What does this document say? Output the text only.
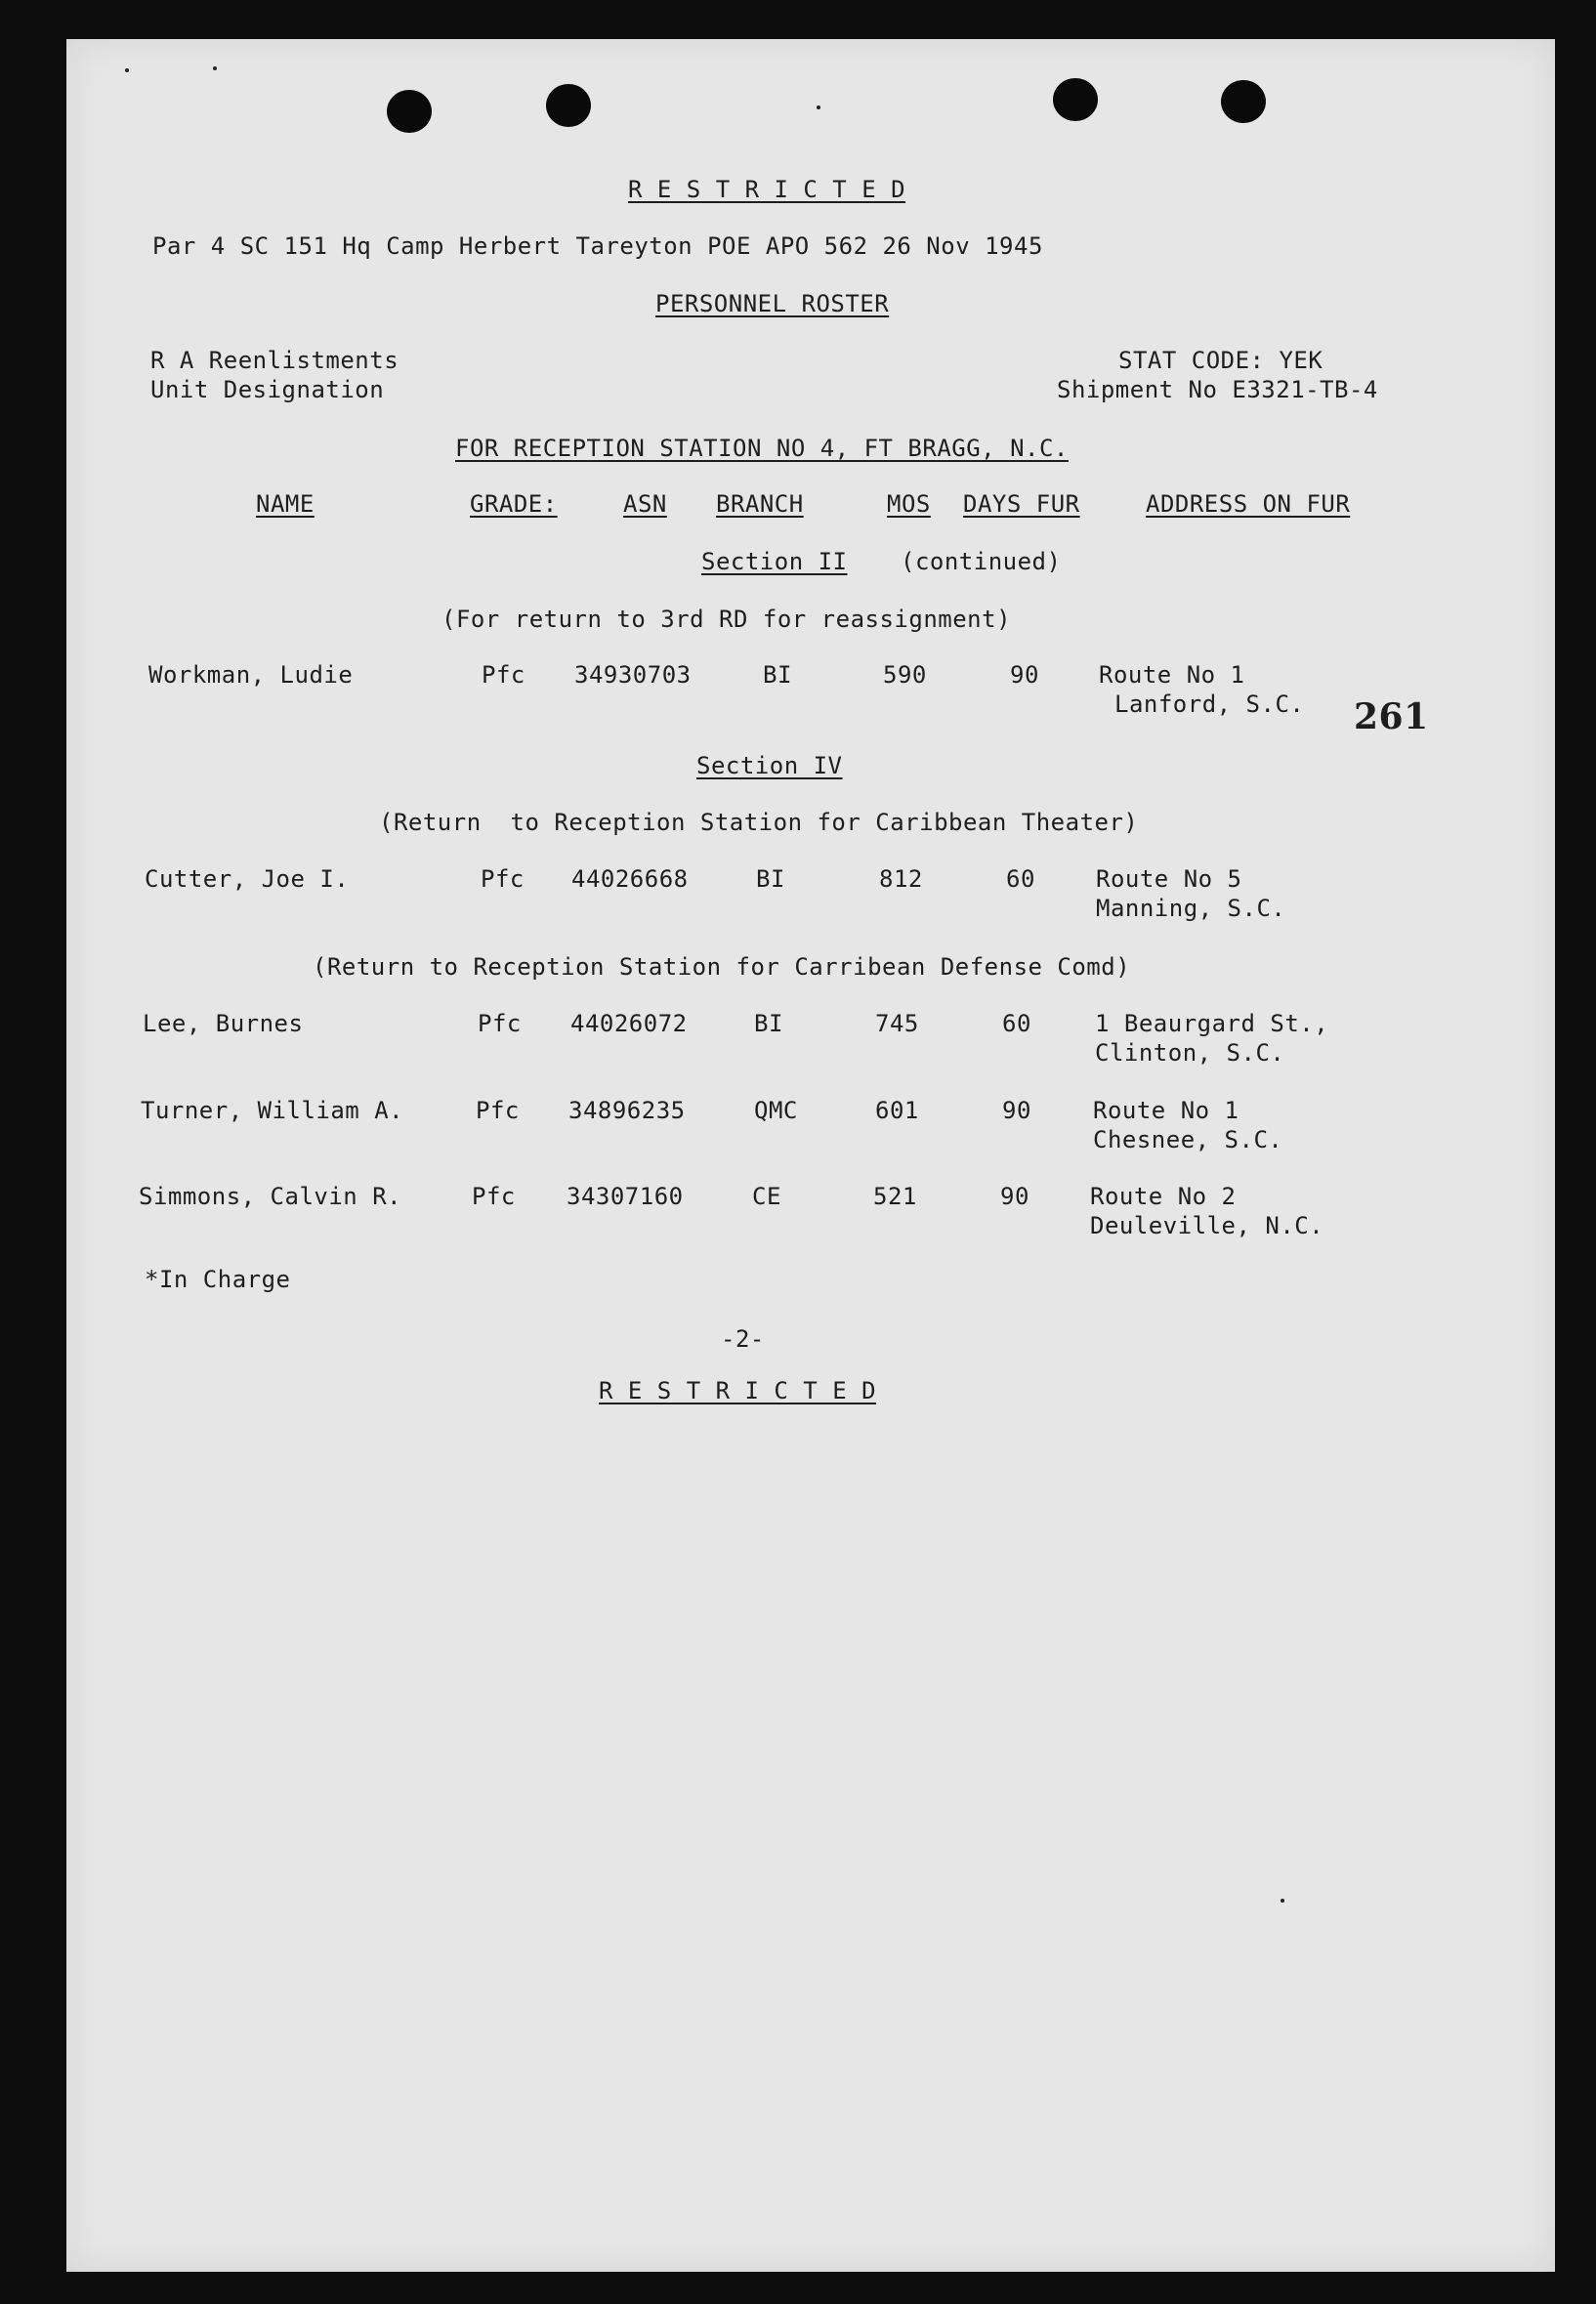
R E S T R I C T E D
Par 4 SC 151 Hq Camp Herbert Tareyton POE APO 562 26 Nov 1945
PERSONNEL ROSTER
R A Reenlistments
Unit Designation
STAT CODE: YEK
Shipment No E3321-TB-4
FOR RECEPTION STATION NO 4, FT BRAGG, N.C.
NAME	GRADE:	ASN BRANCH	MOS DAYS FUR	ADDRESS ON FUR
Section II (continued)
(For return to 3rd RD for reassignment)
Workman, Ludie	Pfc 34930703	BI	590	90	Route No 1
Lanford, S.C. 261
Section IV
(Return  to Reception Station for Caribbean Theater)
Cutter, Joe I.	Pfc 44026668	BI	812	60	Route No 5
Manning, S.C.
(Return to Reception Station for Carribean Defense Comd)
Lee, Burnes	Pfc 44026072	BI	745	60	1 Beaurgard St.,
Clinton, S.C.
Turner, William A.	Pfc 34896235	QMC	601	90	Route No 1
Chesnee, S.C.
Simmons, Calvin R.	Pfc 34307160	CE	521	90	Route No 2
Deuleville, N.C.
*In Charge
-2-
R E S T R I C T E D
